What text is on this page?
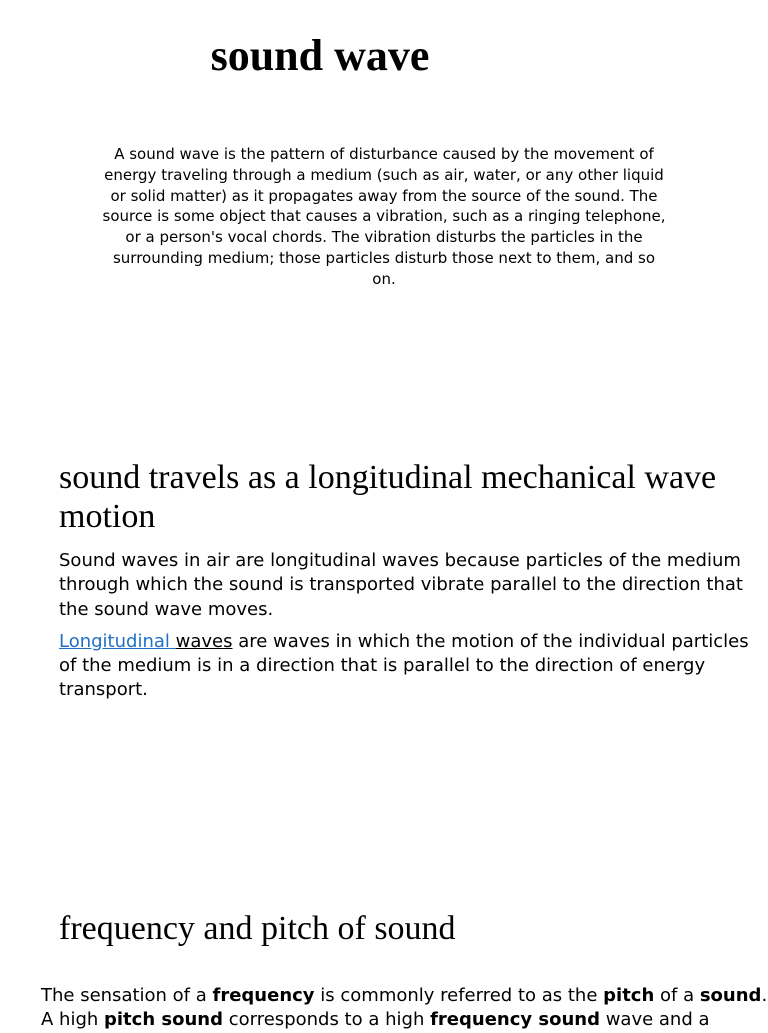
sound wave
A sound wave is the pattern of disturbance caused by the movement of energy traveling through a medium (such as air, water, or any other liquid or solid matter) as it propagates away from the source of the sound. The source is some object that causes a vibration, such as a ringing telephone, or a person's vocal chords. The vibration disturbs the particles in the surrounding medium; those particles disturb those next to them, and so on.
sound travels as a longitudinal mechanical wave motion

Sound waves in air are longitudinal waves because particles of the medium through which the sound is transported vibrate parallel to the direction that the sound wave moves.

Longitudinal waves are waves in which the motion of the individual particles of the medium is in a direction that is parallel to the direction of energy transport.

frequency and pitch of sound

The sensation of a frequency is commonly referred to as the pitch of a sound.

A high pitch sound corresponds to a high frequency sound wave and a
